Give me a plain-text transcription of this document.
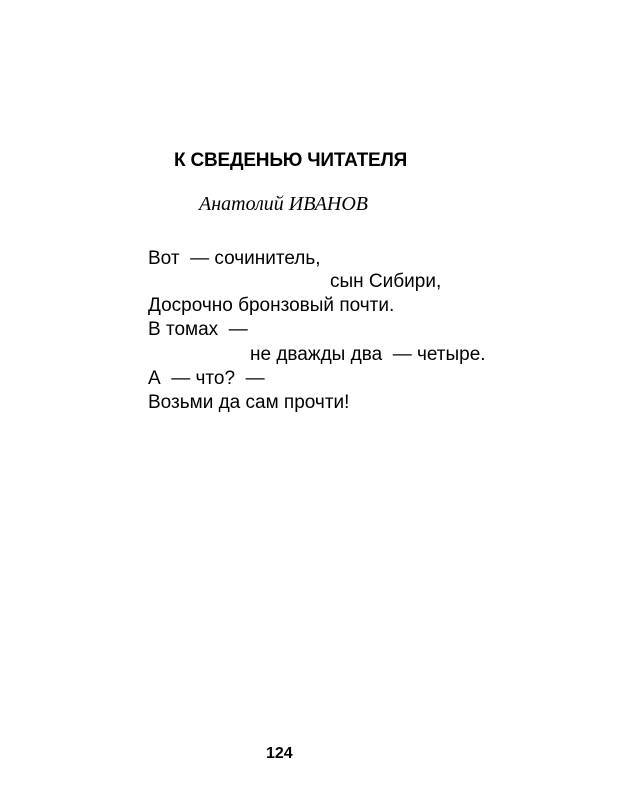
К СВЕДЕНЬЮ ЧИТАТЕЛЯ

Анатолий ИВАНОВ

Вот  — сочинитель,

сын Сибири,

Досрочно бронзовый почти.

В томах  —

не дважды два  — четыре.

А  — что?  —

Возьми да сам прочти!

124
